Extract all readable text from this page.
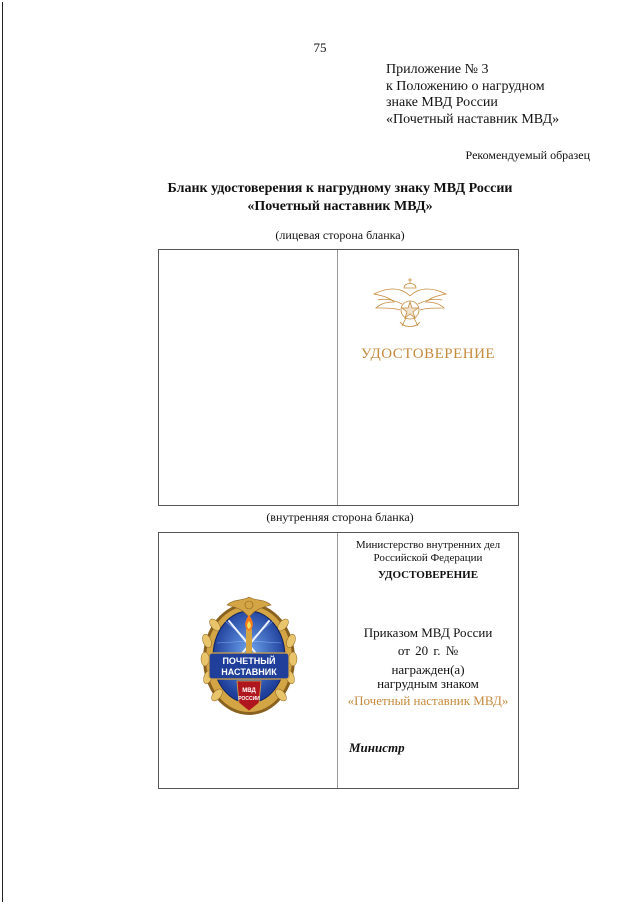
75
Приложение № 3
к Положению о нагрудном
знаке МВД России
«Почетный наставник МВД»
Рекомендуемый образец
Бланк удостоверения к нагрудному знаку МВД России
«Почетный наставник МВД»
(лицевая сторона бланка)
УДОСТОВЕРЕНИЕ
(внутренняя сторона бланка)
ПОЧЕТНЫЙ
НАСТАВНИК
МВД
РОССИИ
Министерство внутренних дел
Российской Федерации
УДОСТОВЕРЕНИЕ
Приказом МВД России
от 20 г. №
награжден(а)
нагрудным знаком
«Почетный наставник МВД»
Министр
